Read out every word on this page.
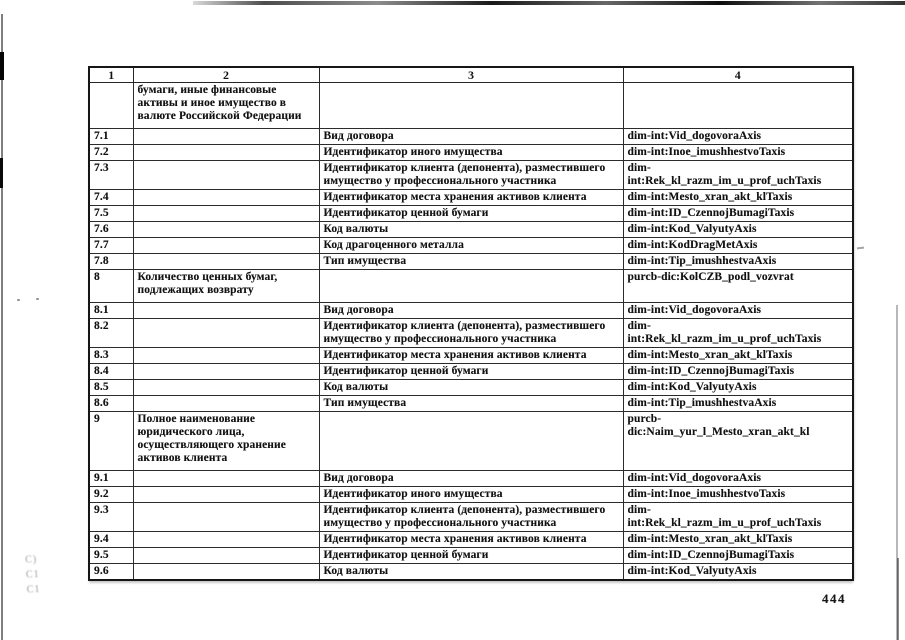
C)
C1
C1
1	2	3	4
	бумаги, иные финансовые активы и иное имущество в валюте Российской Федерации		
7.1		Вид договора	dim-int:Vid_dogovoraAxis
7.2		Идентификатор иного имущества	dim-int:Inoe_imushhestvoTaxis
7.3		Идентификатор клиента (депонента), разместившего имущество у профессионального участника	dim-int:Rek_kl_razm_im_u_prof_uchTaxis
7.4		Идентификатор места хранения активов клиента	dim-int:Mesto_xran_akt_klTaxis
7.5		Идентификатор ценной бумаги	dim-int:ID_CzennojBumagiTaxis
7.6		Код валюты	dim-int:Kod_ValyutyAxis
7.7		Код драгоценного металла	dim-int:KodDragMetAxis
7.8		Тип имущества	dim-int:Tip_imushhestvaAxis
8	Количество ценных бумаг, подлежащих возврату		purcb-dic:KolCZB_podl_vozvrat
8.1		Вид договора	dim-int:Vid_dogovoraAxis
8.2		Идентификатор клиента (депонента), разместившего имущество у профессионального участника	dim-int:Rek_kl_razm_im_u_prof_uchTaxis
8.3		Идентификатор места хранения активов клиента	dim-int:Mesto_xran_akt_klTaxis
8.4		Идентификатор ценной бумаги	dim-int:ID_CzennojBumagiTaxis
8.5		Код валюты	dim-int:Kod_ValyutyAxis
8.6		Тип имущества	dim-int:Tip_imushhestvaAxis
9	Полное наименование юридического лица, осуществляющего хранение активов клиента		purcb-dic:Naim_yur_l_Mesto_xran_akt_kl
9.1		Вид договора	dim-int:Vid_dogovoraAxis
9.2		Идентификатор иного имущества	dim-int:Inoe_imushhestvoTaxis
9.3		Идентификатор клиента (депонента), разместившего имущество у профессионального участника	dim-int:Rek_kl_razm_im_u_prof_uchTaxis
9.4		Идентификатор места хранения активов клиента	dim-int:Mesto_xran_akt_klTaxis
9.5		Идентификатор ценной бумаги	dim-int:ID_CzennojBumagiTaxis
9.6		Код валюты	dim-int:Kod_ValyutyAxis
444
